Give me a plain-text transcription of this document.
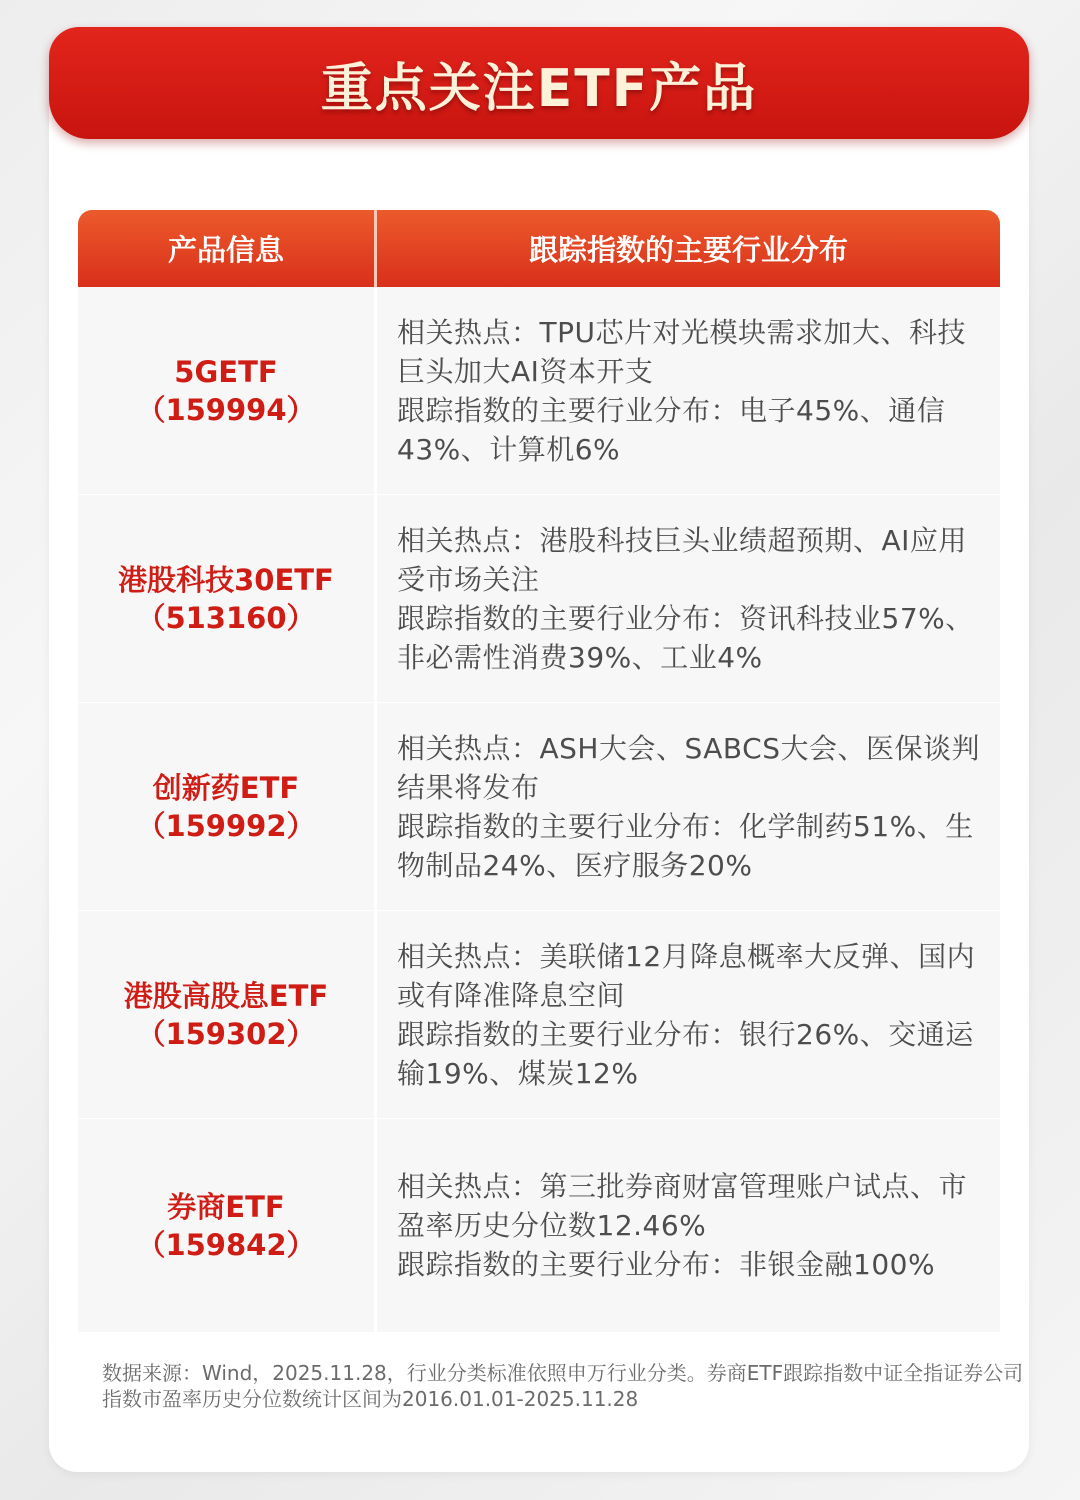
重点关注ETF产品
产品信息	跟踪指数的主要行业分布
5GETF
（159994）
相关热点：TPU芯片对光模块需求加大、科技巨头加大AI资本开支
跟踪指数的主要行业分布：电子45%、通信43%、计算机6%
港股科技30ETF
（513160）
相关热点：港股科技巨头业绩超预期、AI应用受市场关注
跟踪指数的主要行业分布：资讯科技业57%、非必需性消费39%、工业4%
创新药ETF
（159992）
相关热点：ASH大会、SABCS大会、医保谈判结果将发布
跟踪指数的主要行业分布：化学制药51%、生物制品24%、医疗服务20%
港股高股息ETF
（159302）
相关热点：美联储12月降息概率大反弹、国内或有降准降息空间
跟踪指数的主要行业分布：银行26%、交通运输19%、煤炭12%
券商ETF
（159842）
相关热点：第三批券商财富管理账户试点、市盈率历史分位数12.46%
跟踪指数的主要行业分布：非银金融100%
数据来源：Wind，2025.11.28，行业分类标准依照申万行业分类。券商ETF跟踪指数中证全指证券公司指数市盈率历史分位数统计区间为2016.01.01-2025.11.28
